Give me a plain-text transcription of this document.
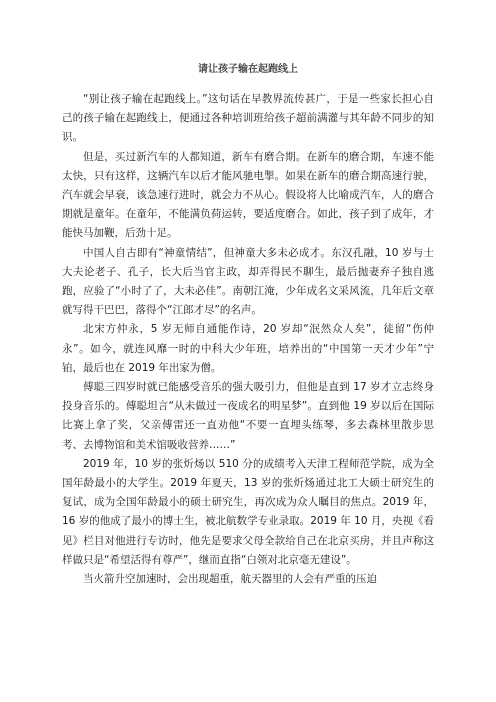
请让孩子输在起跑线上

“别让孩子输在起跑线上。”这句话在早教界流传甚广，于是一些家长担心自己的孩子输在起跑线上，便通过各种培训班给孩子超前满灌与其年龄不同步的知识。

但是，买过新汽车的人都知道，新车有磨合期。在新车的磨合期，车速不能太快，只有这样，这辆汽车以后才能风驰电掣。如果在新车的磨合期高速行驶，汽车就会早衰，该急速行进时，就会力不从心。假设将人比喻成汽车，人的磨合期就是童年。在童年，不能满负荷运转，要适度磨合。如此，孩子到了成年，才能快马加鞭，后劲十足。

中国人自古即有“神童情结”，但神童大多未必成才。东汉孔融，10 岁与士大夫论老子、孔子，长大后当官主政，却弄得民不聊生，最后抛妻弃子独自逃跑，应验了“小时了了，大未必佳”。南朝江淹，少年成名文采风流，几年后文章就写得干巴巴，落得个“江郎才尽”的名声。

北宋方仲永，5 岁无师自通能作诗，20 岁却“泯然众人矣”，徒留“伤仲永”。如今，就连风靡一时的中科大少年班，培养出的“中国第一天才少年”宁铂，最后也在 2019 年出家为僧。

傅聪三四岁时就已能感受音乐的强大吸引力，但他是直到 17 岁才立志终身投身音乐的。傅聪坦言“从未做过一夜成名的明星梦”。直到他 19 岁以后在国际比赛上拿了奖，父亲傅雷还一直劝他“不要一直埋头练琴，多去森林里散步思考、去博物馆和美术馆吸收营养……”

2019 年，10 岁的张炘炀以 510 分的成绩考入天津工程师范学院，成为全国年龄最小的大学生。2019 年夏天，13 岁的张炘炀通过北工大硕士研究生的复试，成为全国年龄最小的硕士研究生，再次成为众人瞩目的焦点。2019 年，16 岁的他成了最小的博士生，被北航数学专业录取。2019 年 10 月，央视《看见》栏目对他进行专访时，他先是要求父母全款给自己在北京买房，并且声称这样做只是“希望活得有尊严”，继而直指“白领对北京毫无建设”。

当火箭升空加速时，会出现超重，航天器里的人会有严重的压迫
